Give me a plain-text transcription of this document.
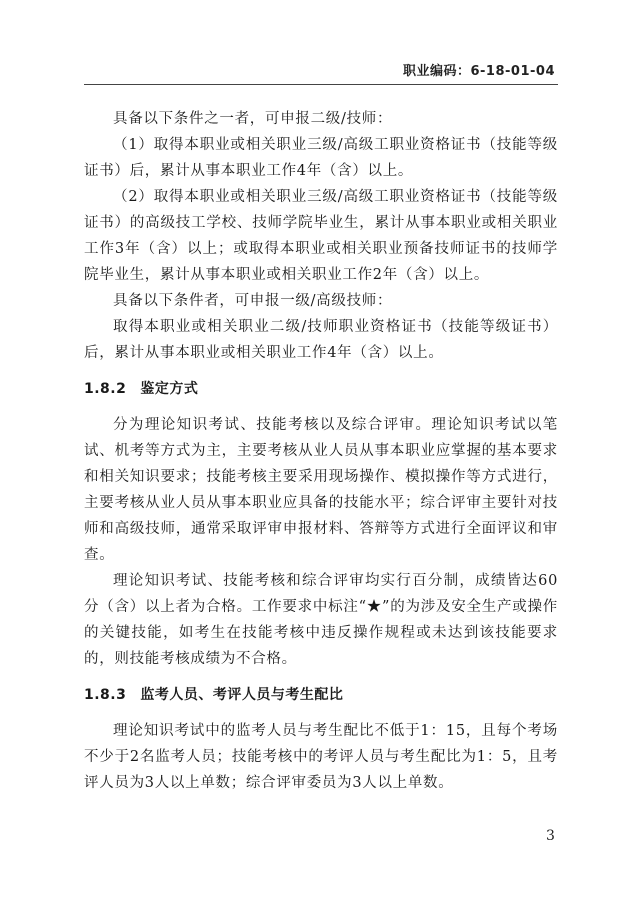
职业编码：6-18-01-04

具备以下条件之一者，可申报二级/技师：

（1）取得本职业或相关职业三级/高级工职业资格证书（技能等级证书）后，累计从事本职业工作4年（含）以上。

（2）取得本职业或相关职业三级/高级工职业资格证书（技能等级证书）的高级技工学校、技师学院毕业生，累计从事本职业或相关职业工作3年（含）以上；或取得本职业或相关职业预备技师证书的技师学院毕业生，累计从事本职业或相关职业工作2年（含）以上。

具备以下条件者，可申报一级/高级技师：

取得本职业或相关职业二级/技师职业资格证书（技能等级证书）后，累计从事本职业或相关职业工作4年（含）以上。

1.8.2 鉴定方式

分为理论知识考试、技能考核以及综合评审。理论知识考试以笔试、机考等方式为主，主要考核从业人员从事本职业应掌握的基本要求和相关知识要求；技能考核主要采用现场操作、模拟操作等方式进行，主要考核从业人员从事本职业应具备的技能水平；综合评审主要针对技师和高级技师，通常采取评审申报材料、答辩等方式进行全面评议和审查。

理论知识考试、技能考核和综合评审均实行百分制，成绩皆达60分（含）以上者为合格。工作要求中标注“★”的为涉及安全生产或操作的关键技能，如考生在技能考核中违反操作规程或未达到该技能要求的，则技能考核成绩为不合格。

1.8.3 监考人员、考评人员与考生配比

理论知识考试中的监考人员与考生配比不低于1：15，且每个考场不少于2名监考人员；技能考核中的考评人员与考生配比为1：5，且考评人员为3人以上单数；综合评审委员为3人以上单数。

3
